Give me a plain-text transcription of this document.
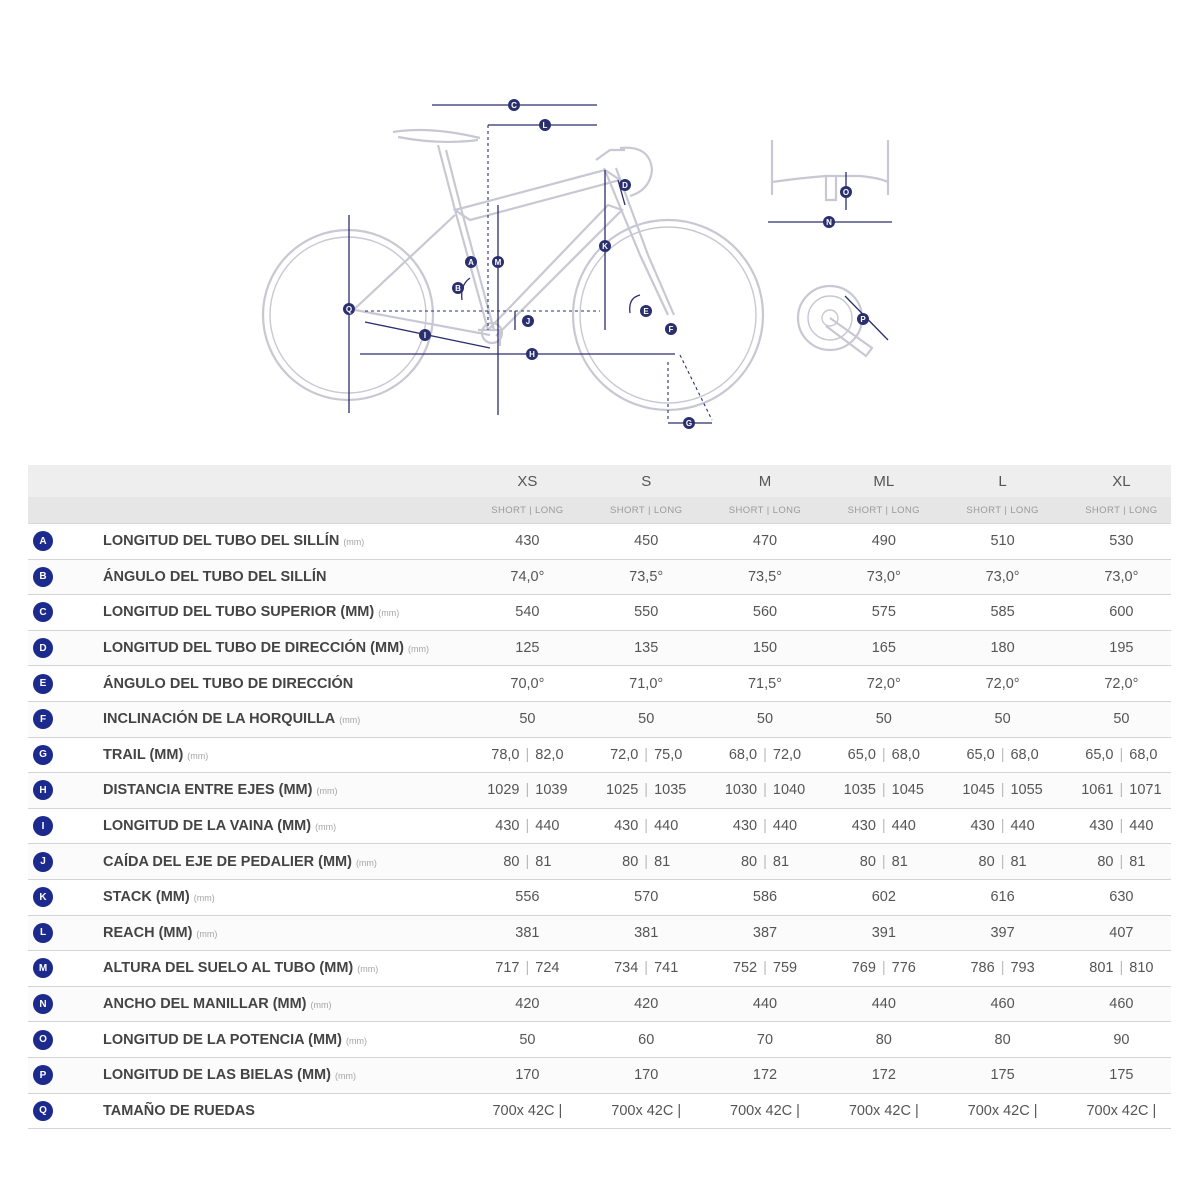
C
L
D
K
A	M
B
Q
J
E
F
I
H
G
O
N
P
XS	S	M	ML	L	XL
SHORT | LONG	SHORT | LONG	SHORT | LONG	SHORT | LONG	SHORT | LONG	SHORT | LONG
A	LONGITUD DEL TUBO DEL SILLÍN (mm)	430	450	470	490	510	530
B	ÁNGULO DEL TUBO DEL SILLÍN	74,0°	73,5°	73,5°	73,0°	73,0°	73,0°
C	LONGITUD DEL TUBO SUPERIOR (MM) (mm)	540	550	560	575	585	600
D	LONGITUD DEL TUBO DE DIRECCIÓN (MM) (mm)	125	135	150	165	180	195
E	ÁNGULO DEL TUBO DE DIRECCIÓN	70,0°	71,0°	71,5°	72,0°	72,0°	72,0°
F	INCLINACIÓN DE LA HORQUILLA (mm)	50	50	50	50	50	50
G	TRAIL (MM) (mm)	78,0 | 82,0	72,0 | 75,0	68,0 | 72,0	65,0 | 68,0	65,0 | 68,0	65,0 | 68,0
H	DISTANCIA ENTRE EJES (MM) (mm)	1029 | 1039	1025 | 1035	1030 | 1040	1035 | 1045	1045 | 1055	1061 | 1071
I	LONGITUD DE LA VAINA (MM) (mm)	430 | 440	430 | 440	430 | 440	430 | 440	430 | 440	430 | 440
J	CAÍDA DEL EJE DE PEDALIER (MM) (mm)	80 | 81	80 | 81	80 | 81	80 | 81	80 | 81	80 | 81
K	STACK (MM) (mm)	556	570	586	602	616	630
L	REACH (MM) (mm)	381	381	387	391	397	407
M	ALTURA DEL SUELO AL TUBO (MM) (mm)	717 | 724	734 | 741	752 | 759	769 | 776	786 | 793	801 | 810
N	ANCHO DEL MANILLAR (MM) (mm)	420	420	440	440	460	460
O	LONGITUD DE LA POTENCIA (MM) (mm)	50	60	70	80	80	90
P	LONGITUD DE LAS BIELAS (MM) (mm)	170	170	172	172	175	175
Q	TAMAÑO DE RUEDAS	700x 42C |	700x 42C |	700x 42C |	700x 42C |	700x 42C |	700x 42C |
